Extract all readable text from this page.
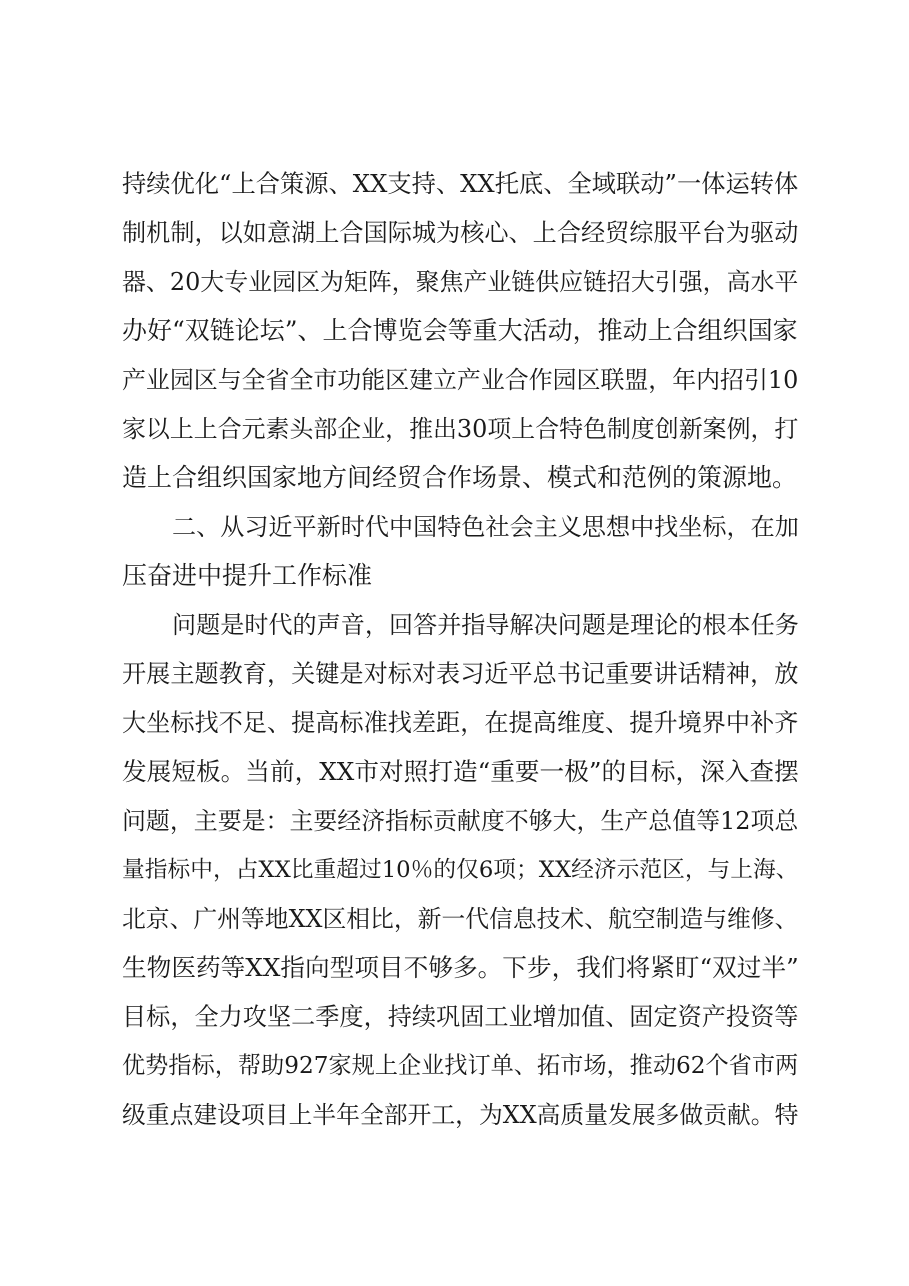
持续优化“上合策源、XX支持、XX托底、全域联动”一体运转体
制机制，以如意湖上合国际城为核心、上合经贸综服平台为驱动
器、20大专业园区为矩阵，聚焦产业链供应链招大引强，高水平
办好“双链论坛”、上合博览会等重大活动，推动上合组织国家
产业园区与全省全市功能区建立产业合作园区联盟，年内招引10
家以上上合元素头部企业，推出30项上合特色制度创新案例，打
造上合组织国家地方间经贸合作场景、模式和范例的策源地。
二、从习近平新时代中国特色社会主义思想中找坐标，在加
压奋进中提升工作标准
问题是时代的声音，回答并指导解决问题是理论的根本任务
开展主题教育，关键是对标对表习近平总书记重要讲话精神，放
大坐标找不足、提高标准找差距，在提高维度、提升境界中补齐
发展短板。当前，XX市对照打造“重要一极”的目标，深入查摆
问题，主要是：主要经济指标贡献度不够大，生产总值等12项总
量指标中，占XX比重超过10％的仅6项；XX经济示范区，与上海、
北京、广州等地XX区相比，新一代信息技术、航空制造与维修、
生物医药等XX指向型项目不够多。下步，我们将紧盯“双过半”
目标，全力攻坚二季度，持续巩固工业增加值、固定资产投资等
优势指标，帮助927家规上企业找订单、拓市场，推动62个省市两
级重点建设项目上半年全部开工，为XX高质量发展多做贡献。特
